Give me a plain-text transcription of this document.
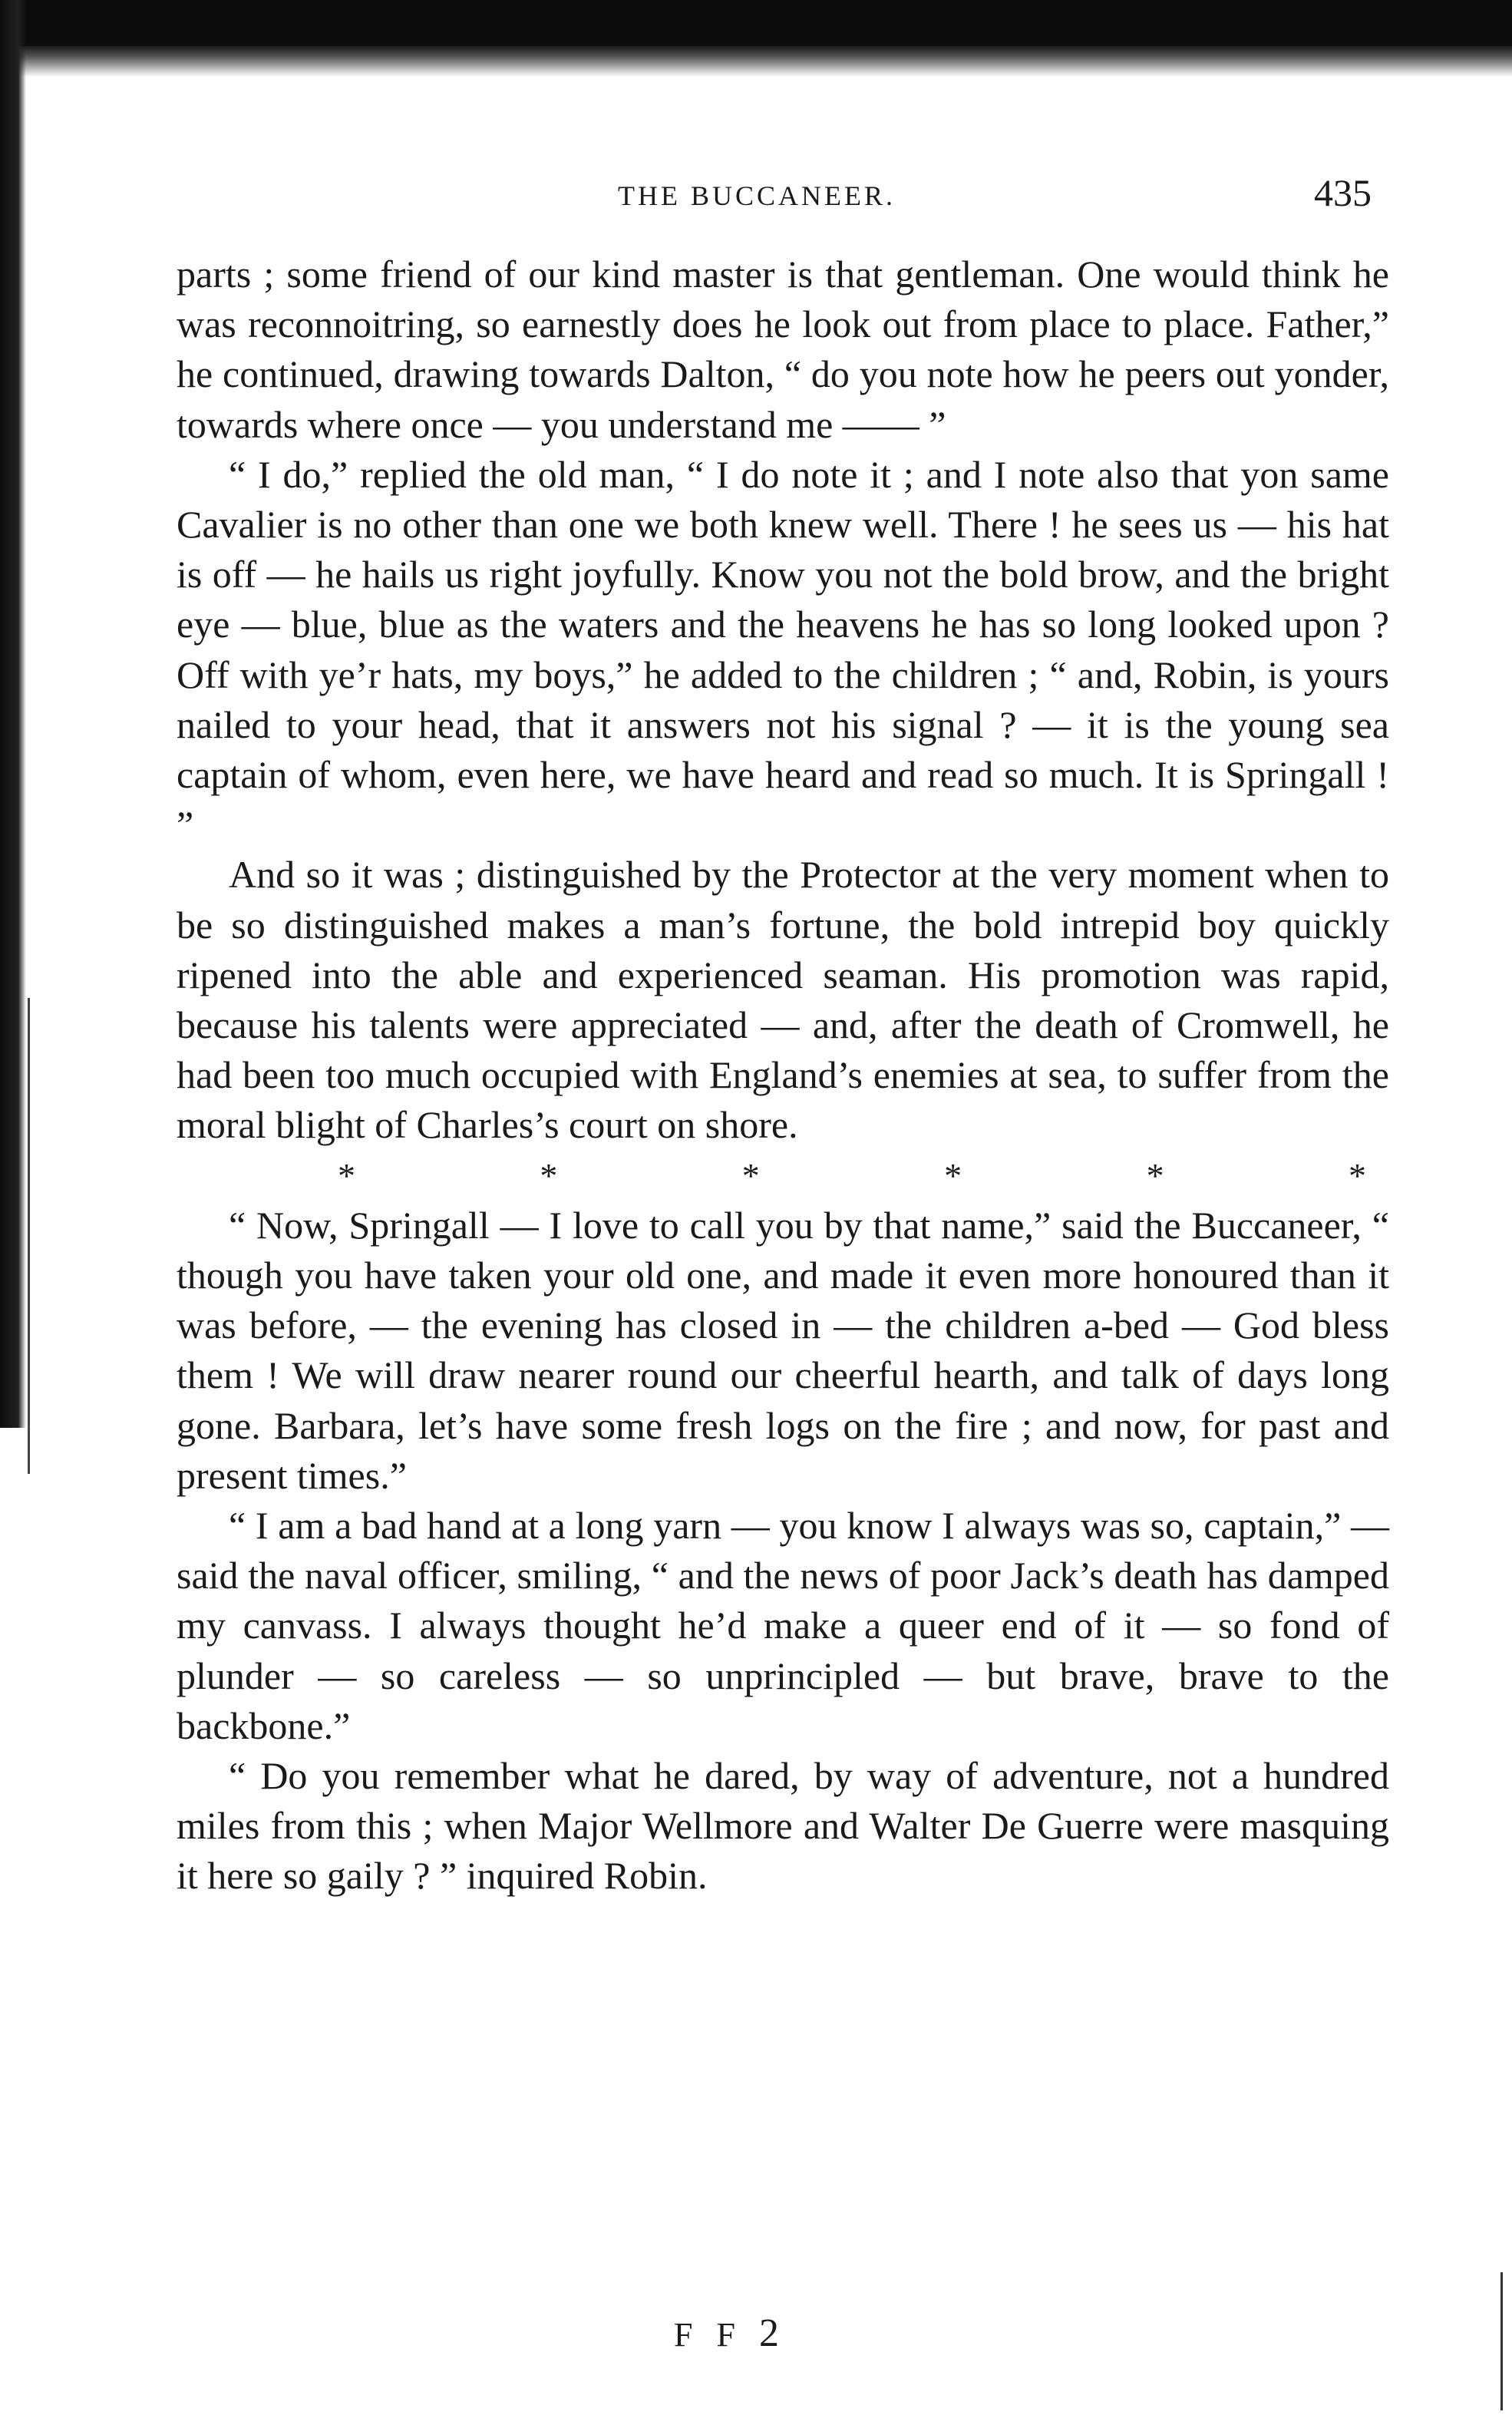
THE BUCCANEER.	435

parts ; some friend of our kind master is that gentleman. One would think he was reconnoitring, so earnestly does he look out from place to place. Father,” he continued, drawing towards Dalton, “ do you note how he peers out yonder, towards where once — you understand me —— ”

“ I do,” replied the old man, “ I do note it ; and I note also that yon same Cavalier is no other than one we both knew well. There ! he sees us — his hat is off — he hails us right joyfully. Know you not the bold brow, and the bright eye — blue, blue as the waters and the heavens he has so long looked upon ? Off with ye’r hats, my boys,” he added to the children ; “ and, Robin, is yours nailed to your head, that it answers not his signal ? — it is the young sea captain of whom, even here, we have heard and read so much. It is Springall ! ”

And so it was ; distinguished by the Protector at the very moment when to be so distinguished makes a man’s fortune, the bold intrepid boy quickly ripened into the able and experienced seaman. His promotion was rapid, because his talents were appreciated — and, after the death of Cromwell, he had been too much occupied with England’s enemies at sea, to suffer from the moral blight of Charles’s court on shore.

*	*	*	*	*	*

“ Now, Springall — I love to call you by that name,” said the Buccaneer, “ though you have taken your old one, and made it even more honoured than it was before, — the evening has closed in — the children a-bed — God bless them ! We will draw nearer round our cheerful hearth, and talk of days long gone. Barbara, let’s have some fresh logs on the fire ; and now, for past and present times.”

“ I am a bad hand at a long yarn — you know I always was so, captain,” — said the naval officer, smiling, “ and the news of poor Jack’s death has damped my canvass. I always thought he’d make a queer end of it — so fond of plunder — so careless — so unprincipled — but brave, brave to the backbone.”

“ Do you remember what he dared, by way of adventure, not a hundred miles from this ; when Major Wellmore and Walter De Guerre were masquing it here so gaily ? ” inquired Robin.

F F 2
